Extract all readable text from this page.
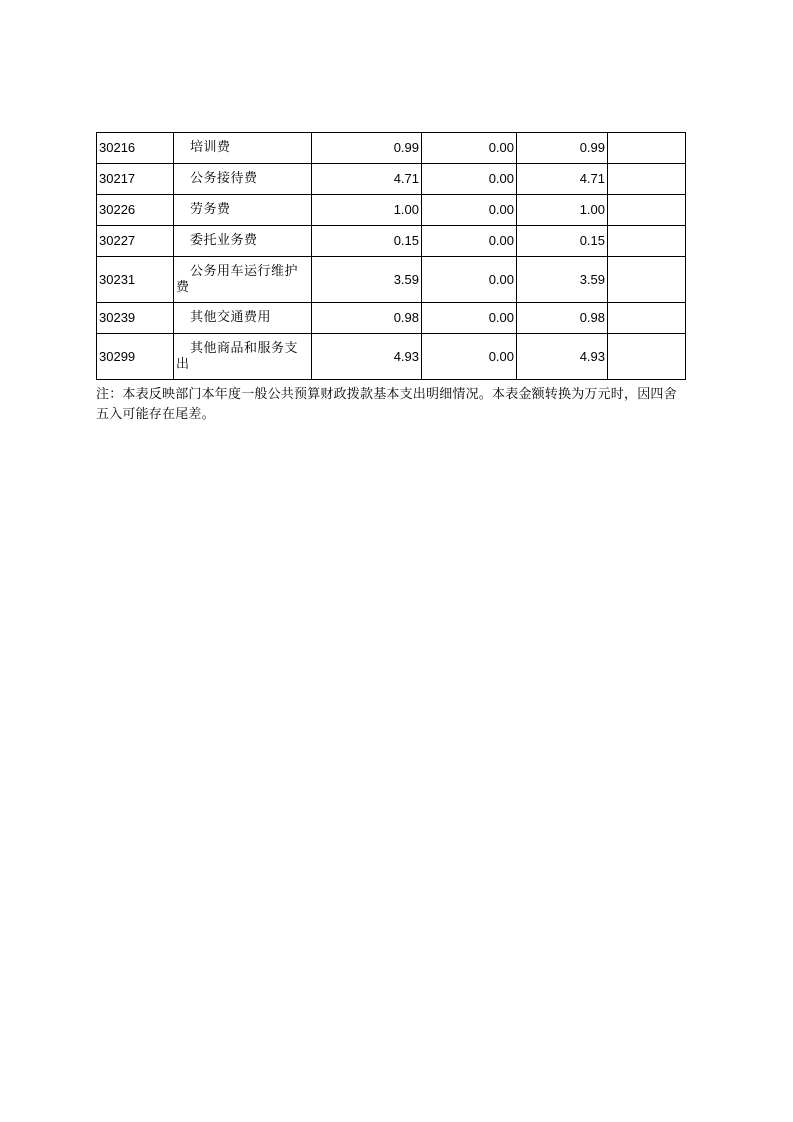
30216	培训费	0.99	0.00	0.99	
30217	公务接待费	4.71	0.00	4.71	
30226	劳务费	1.00	0.00	1.00	
30227	委托业务费	0.15	0.00	0.15	
30231	公务用车运行维护费	3.59	0.00	3.59	
30239	其他交通费用	0.98	0.00	0.98	
30299	其他商品和服务支出	4.93	0.00	4.93	
注：本表反映部门本年度一般公共预算财政拨款基本支出明细情况。本表金额转换为万元时，因四舍五入可能存在尾差。
